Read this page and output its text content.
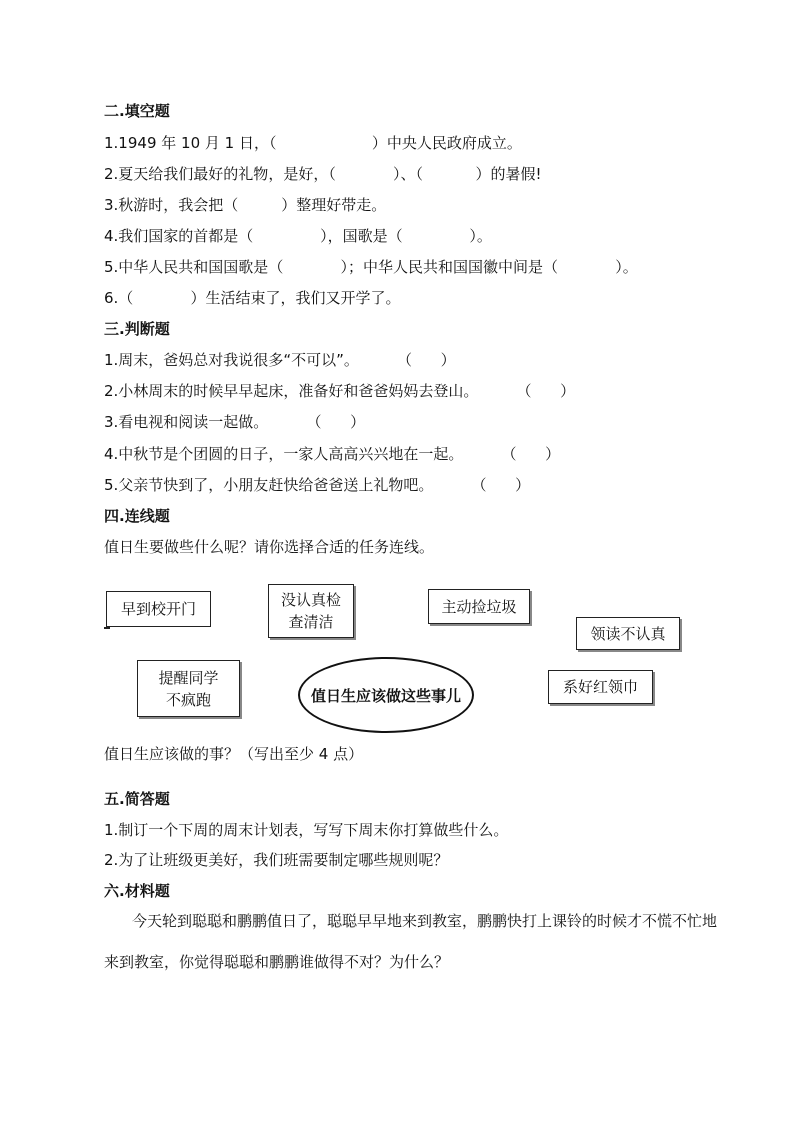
二.填空题
1.1949 年 10 月 1 日，（                    ）中央人民政府成立。
2.夏天给我们最好的礼物，是好，（            ）、（           ）的暑假!
3.秋游时，我会把（         ）整理好带走。
4.我们国家的首都是（              ），国歌是（              ）。
5.中华人民共和国国歌是（            ）；中华人民共和国国徽中间是（            ）。
6.（            ）生活结束了，我们又开学了。
三.判断题
1.周末，爸妈总对我说很多“不可以”。        （      ）
2.小林周末的时候早早起床，准备好和爸爸妈妈去登山。        （      ）
3.看电视和阅读一起做。        （      ）
4.中秋节是个团圆的日子，一家人高高兴兴地在一起。        （      ）
5.父亲节快到了，小朋友赶快给爸爸送上礼物吧。        （      ）
四.连线题
值日生要做些什么呢？请你选择合适的任务连线。
早到校开门	没认真检
查清洁
主动捡垃圾
领读不认真
提醒同学
不疯跑
系好红领巾
值日生应该做这些事儿
值日生应该做的事？（写出至少 4 点）
五.简答题
1.制订一个下周的周末计划表，写写下周末你打算做些什么。
2.为了让班级更美好，我们班需要制定哪些规则呢？
六.材料题
今天轮到聪聪和鹏鹏值日了，聪聪早早地来到教室，鹏鹏快打上课铃的时候才不慌不忙地
来到教室，你觉得聪聪和鹏鹏谁做得不对？为什么？
